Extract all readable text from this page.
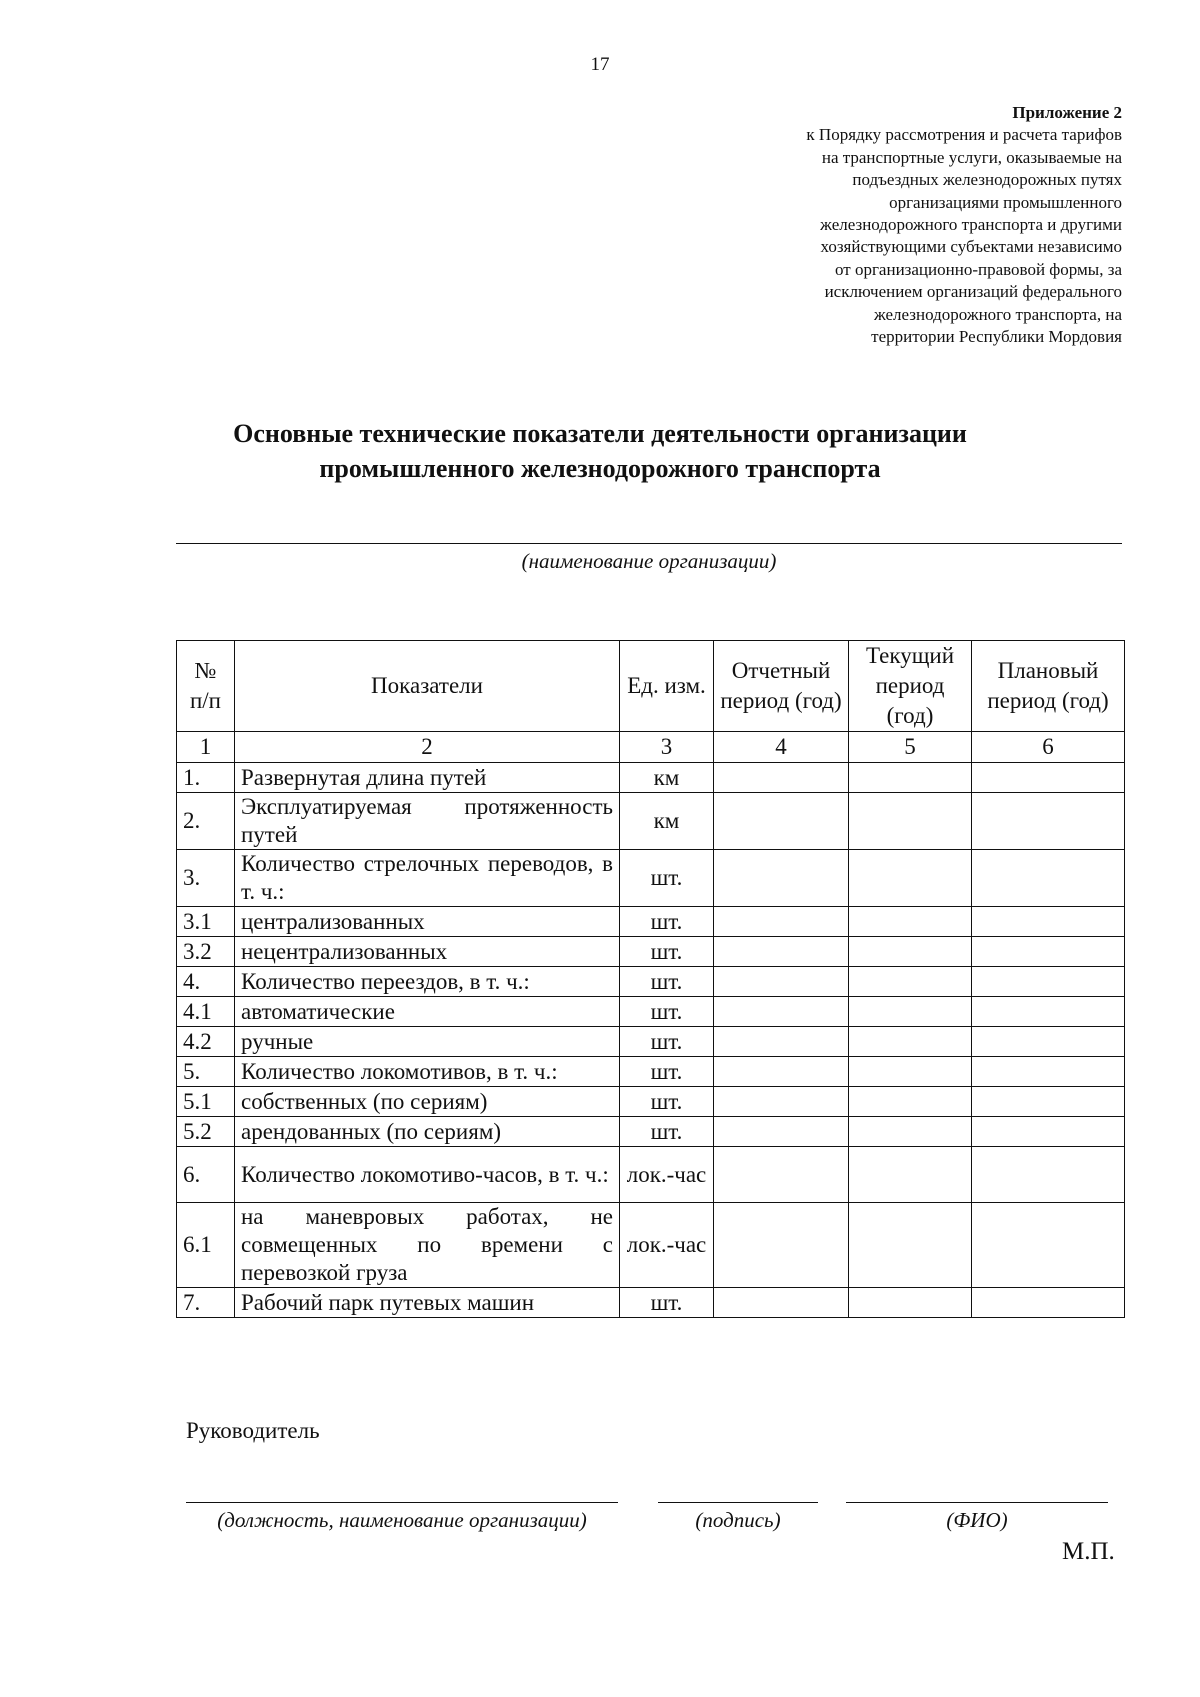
17
Приложение 2
к Порядку рассмотрения и расчета тарифов
на транспортные услуги, оказываемые на
подъездных железнодорожных путях
организациями промышленного
железнодорожного транспорта и другими
хозяйствующими субъектами независимо
от организационно-правовой формы, за
исключением организаций федерального
железнодорожного транспорта, на
территории Республики Мордовия
Основные технические показатели деятельности организации
промышленного железнодорожного транспорта
(наименование организации)
№ п/п	Показатели	Ед. изм.	Отчетный период (год)	Текущий период (год)	Плановый период (год)
1	2	3	4	5	6
1.	Развернутая длина путей	км			
2.	Эксплуатируемая протяженность путей	км			
3.	Количество стрелочных переводов, в т. ч.:	шт.			
3.1	централизованных	шт.			
3.2	нецентрализованных	шт.			
4.	Количество переездов, в т. ч.:	шт.			
4.1	автоматические	шт.			
4.2	ручные	шт.			
5.	Количество локомотивов, в т. ч.:	шт.			
5.1	собственных (по сериям)	шт.			
5.2	арендованных (по сериям)	шт.			
6.	Количество локомотиво-часов, в т. ч.:	лок.-час			
6.1	на маневровых работах, не совмещенных по времени с перевозкой груза	лок.-час			
7.	Рабочий парк путевых машин	шт.			
Руководитель
(должность, наименование организации)	(подпись)	(ФИО)
М.П.
